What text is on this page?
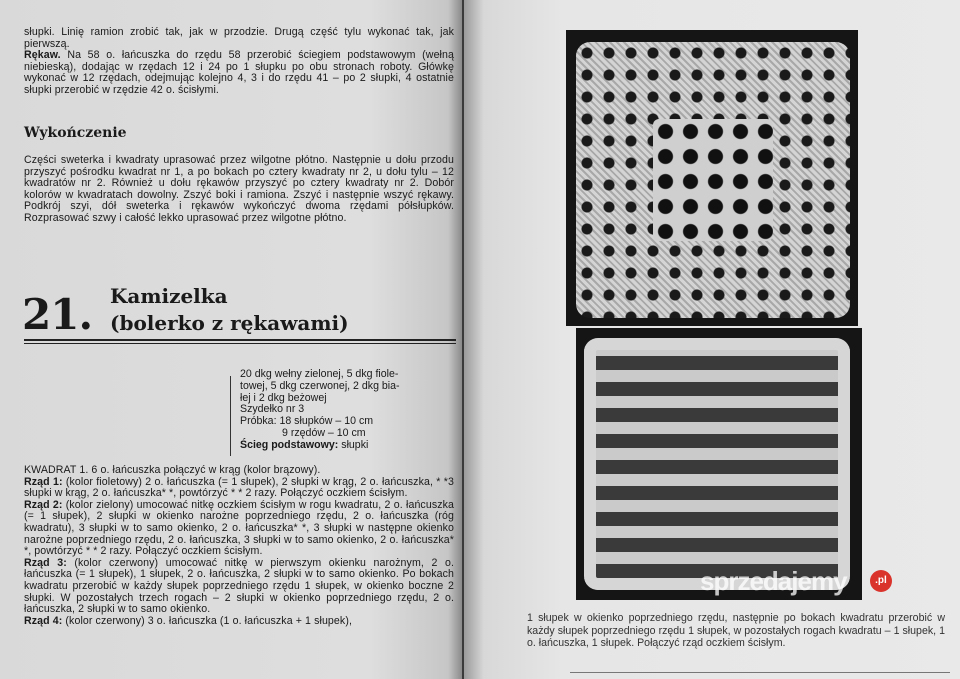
słupki. Linię ramion zrobić tak, jak w przodzie. Drugą część tylu wykonać tak, jak pierwszą.

Rękaw. Na 58 o. łańcuszka do rzędu 58 przerobić ściegiem podstawowym (wełną niebieską), dodając w rzędach 12 i 24 po 1 słupku po obu stronach roboty. Główkę wykonać w 12 rzędach, odejmując kolejno 4, 3 i do rzędu 41 – po 2 słupki, 4 ostatnie słupki przerobić w rzędzie 42 o. ścisłymi.

Wykończenie
Części sweterka i kwadraty uprasować przez wilgotne płótno. Następnie u dołu przodu przyszyć pośrodku kwadrat nr 1, a po bokach po cztery kwadraty nr 2, u dołu tylu – 12 kwadratów nr 2. Również u dołu rękawów przyszyć po cztery kwadraty nr 2. Dobór kolorów w kwadratach dowolny. Zszyć boki i ramiona. Zszyć i następnie wszyć rękawy. Podkrój szyi, dół sweterka i rękawów wykończyć dwoma rzędami półsłupków. Rozprasować szwy i całość lekko uprasować przez wilgotne płótno.
21. Kamizelka
(bolerko z rękawami)
20 dkg wełny zielonej, 5 dkg fiole-
towej, 5 dkg czerwonej, 2 dkg bia-
łej i 2 dkg beżowej
Szydełko nr 3
Próbka: 18 słupków – 10 cm
9 rzędów – 10 cm
Ścieg podstawowy: słupki

KWADRAT 1. 6 o. łańcuszka połączyć w krąg (kolor brązowy).

Rząd 1: (kolor fioletowy) 2 o. łańcuszka (= 1 słupek), 2 słupki w krąg, 2 o. łańcuszka, * *3 słupki w krąg, 2 o. łańcuszka* *, powtórzyć * * 2 razy. Połączyć oczkiem ścisłym.

Rząd 2: (kolor zielony) umocować nitkę oczkiem ścisłym w rogu kwadratu, 2 o. łańcuszka (= 1 słupek), 2 słupki w okienko narożne poprzedniego rzędu, 2 o. łańcuszka (róg kwadratu), 3 słupki w to samo okienko, 2 o. łańcuszka* *, 3 słupki w następne okienko narożne poprzedniego rzędu, 2 o. łańcuszka, 3 słupki w to samo okienko, 2 o. łańcuszka* *, powtórzyć * * 2 razy. Połączyć oczkiem ścisłym.

Rząd 3: (kolor czerwony) umocować nitkę w pierwszym okienku narożnym, 2 o. łańcuszka (= 1 słupek), 1 słupek, 2 o. łańcuszka, 2 słupki w to samo okienko. Po bokach kwadratu przerobić w każdy słupek poprzedniego rzędu 1 słupek, w okienko boczne 2 słupki. W pozostałych trzech rogach – 2 słupki w okienko poprzedniego rzędu, 2 o. łańcuszka, 2 słupki w to samo okienko.

Rząd 4: (kolor czerwony) 3 o. łańcuszka (1 o. łańcuszka + 1 słupek),	1 słupek w okienko poprzedniego rzędu, następnie po bokach kwadratu przerobić w każdy słupek poprzedniego rzędu 1 słupek, w pozostałych rogach kwadratu – 1 słupek, 1 o. łańcuszka, 1 słupek. Połączyć rząd oczkiem ścisłym.
sprzedajemy	.pl
